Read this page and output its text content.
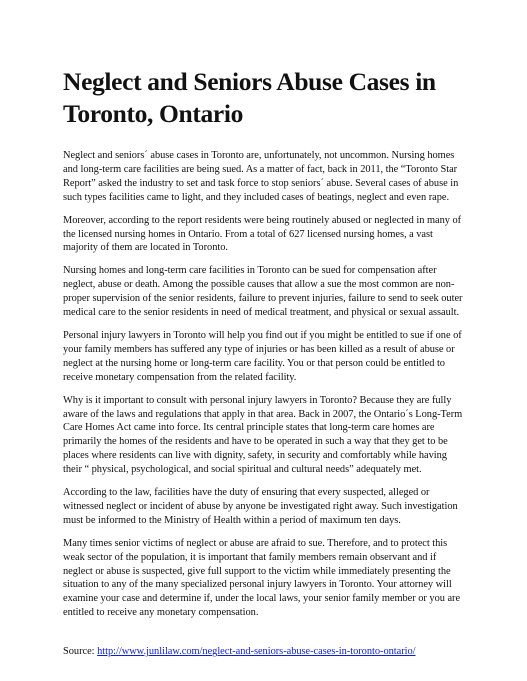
Neglect and Seniors Abuse Cases in Toronto, Ontario

Neglect and seniors´ abuse cases in Toronto are, unfortunately, not uncommon. Nursing homes and long-term care facilities are being sued. As a matter of fact, back in 2011, the “Toronto Star Report” asked the industry to set and task force to stop seniors´ abuse. Several cases of abuse in such types facilities came to light, and they included cases of beatings, neglect and even rape.

Moreover, according to the report residents were being routinely abused or neglected in many of the licensed nursing homes in Ontario. From a total of 627 licensed nursing homes, a vast majority of them are located in Toronto.

Nursing homes and long-term care facilities in Toronto can be sued for compensation after neglect, abuse or death. Among the possible causes that allow a sue the most common are non-proper supervision of the senior residents, failure to prevent injuries, failure to send to seek outer medical care to the senior residents in need of medical treatment, and physical or sexual assault.

Personal injury lawyers in Toronto will help you find out if you might be entitled to sue if one of your family members has suffered any type of injuries or has been killed as a result of abuse or neglect at the nursing home or long-term care facility. You or that person could be entitled to receive monetary compensation from the related facility.

Why is it important to consult with personal injury lawyers in Toronto? Because they are fully aware of the laws and regulations that apply in that area. Back in 2007, the Ontario´s Long-Term Care Homes Act came into force. Its central principle states that long-term care homes are primarily the homes of the residents and have to be operated in such a way that they get to be places where residents can live with dignity, safety, in security and comfortably while having their “ physical, psychological, and social spiritual and cultural needs” adequately met.

According to the law, facilities have the duty of ensuring that every suspected, alleged or witnessed neglect or incident of abuse by anyone be investigated right away. Such investigation must be informed to the Ministry of Health within a period of maximum ten days.

Many times senior victims of neglect or abuse are afraid to sue. Therefore, and to protect this weak sector of the population, it is important that family members remain observant and if neglect or abuse is suspected, give full support to the victim while immediately presenting the situation to any of the many specialized personal injury lawyers in Toronto. Your attorney will examine your case and determine if, under the local laws, your senior family member or you are entitled to receive any monetary compensation.

Source: http://www.junlilaw.com/neglect-and-seniors-abuse-cases-in-toronto-ontario/
